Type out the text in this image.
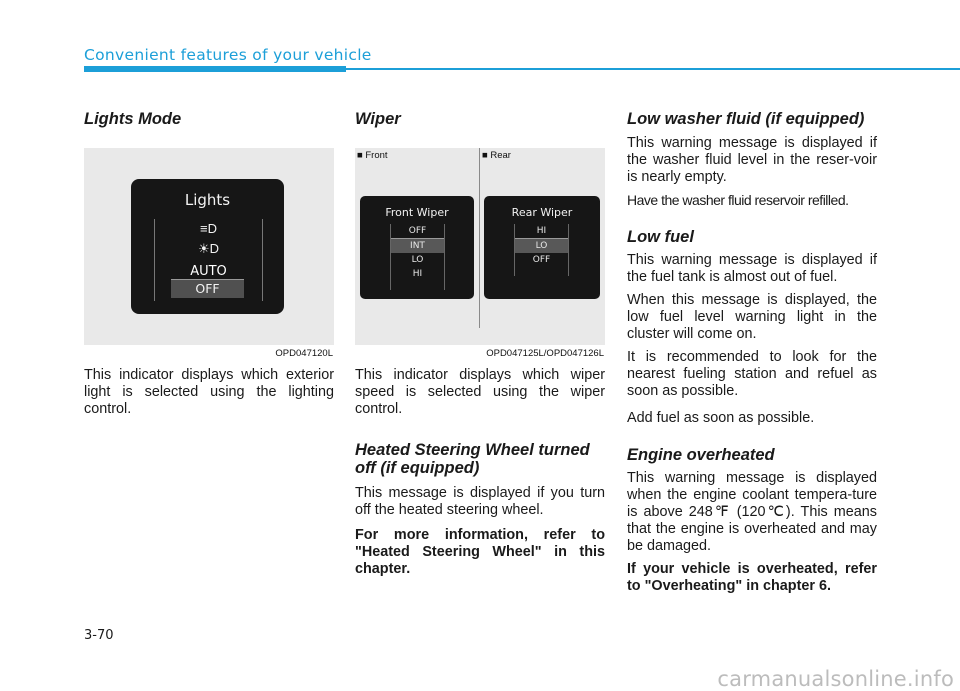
Convenient features of your vehicle
Lights Mode
Lights
≡D
☀D
AUTO
OFF
OPD047120L

This indicator displays which exterior light is selected using the lighting control.

Wiper
■ Front	■ Rear
Front Wiper
OFF
INT
LO
HI
Rear Wiper
HI
LO
OFF
OPD047125L/OPD047126L

This indicator displays which wiper speed is selected using the wiper control.

Heated Steering Wheel turned
off (if equipped)

This message is displayed if you turn off the heated steering wheel.

For more information, refer to "Heated Steering Wheel" in this chapter.

Low washer fluid (if equipped)

This warning message is displayed if the washer fluid level in the reser-voir is nearly empty.

Have the washer fluid reservoir refilled.

Low fuel

This warning message is displayed if the fuel tank is almost out of fuel.

When this message is displayed, the low fuel level warning light in the cluster will come on.

It is recommended to look for the nearest fueling station and refuel as soon as possible.

Add fuel as soon as possible.

Engine overheated

This warning message is displayed when the engine coolant tempera-ture is above 248℉ (120℃). This means that the engine is overheated and may be damaged.

If your vehicle is overheated, refer to "Overheating" in chapter 6.

3-70
carmanualsonline.info
